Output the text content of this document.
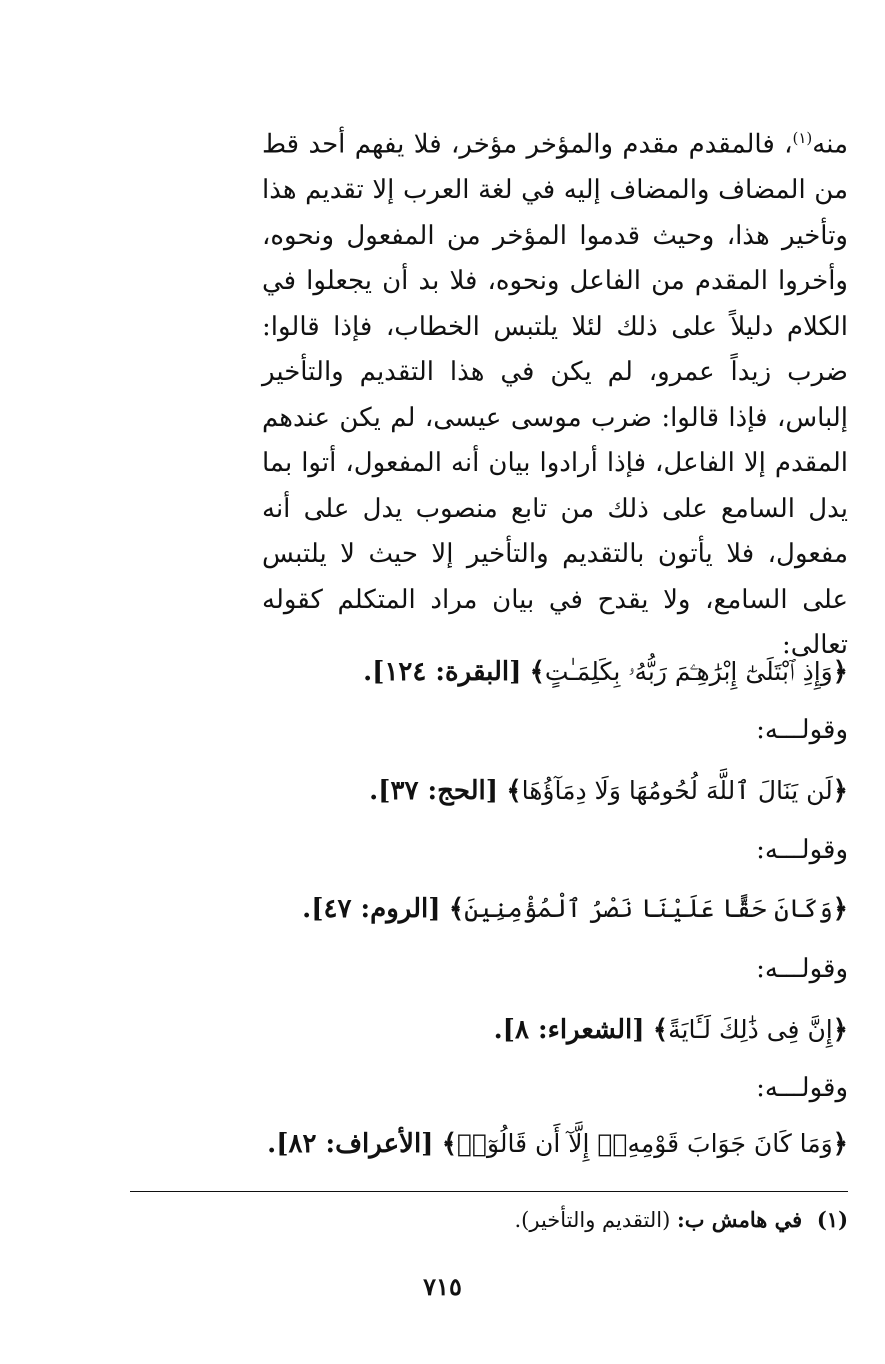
منه$^{(١)}$، فالمقدم مقدم والمؤخر مؤخر، فلا يفهم أحد قط من المضاف والمضاف إليه في لغة العرب إلا تقديم هذا وتأخير هذا، وحيث قدموا المؤخر من المفعول ونحوه، وأخروا المقدم من الفاعل ونحوه، فلا بد أن يجعلوا في الكلام دليلاً على ذلك لئلا يلتبس الخطاب، فإذا قالوا: ضرب زيداً عمرو، لم يكن في هذا التقديم والتأخير إلباس، فإذا قالوا: ضرب موسى عيسى، لم يكن عندهم المقدم إلا الفاعل، فإذا أرادوا بيان أنه المفعول، أتوا بما يدل السامع على ذلك من تابع منصوب يدل على أنه مفعول، فلا يأتون بالتقديم والتأخير إلا حيث لا يلتبس على السامع، ولا يقدح في بيان مراد المتكلم كقوله تعالى:

﴿وَإِذِ ٱبْتَلَىٰٓ إِبْرَٰهِـۧمَ رَبُّهُۥ بِكَلِمَـٰتٍ﴾ [البقرة: ١٢٤].
وقولـــه:
﴿لَن يَنَالَ ٱللَّهَ لُحُومُهَا وَلَا دِمَآؤُهَا﴾ [الحج: ٣٧].
وقولـــه:
﴿وَكَانَ حَقًّا عَلَيْنَا نَصْرُ ٱلْمُؤْمِنِينَ﴾ [الروم: ٤٧].
وقولـــه:
﴿إِنَّ فِى ذَٰلِكَ لَـَٔايَةً﴾ [الشعراء: ٨].
وقولـــه:
﴿وَمَا كَانَ جَوَابَ قَوْمِهِۦٓ إِلَّآ أَن قَالُوٓا۟﴾ [الأعراف: ٨٢].
(١) في هامش ب: (التقديم والتأخير).
٧١٥
